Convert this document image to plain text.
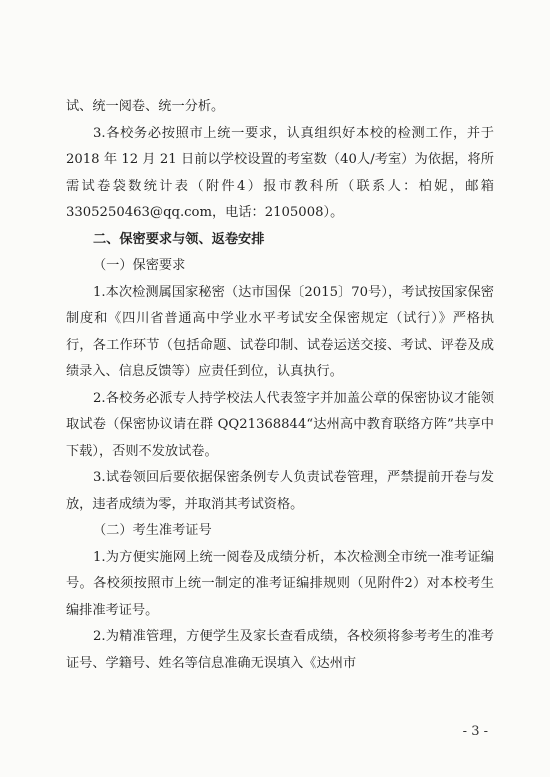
试、统一阅卷、统一分析。

3.各校务必按照市上统一要求，认真组织好本校的检测工作，并于 2018 年 12 月 21 日前以学校设置的考室数（40人/考室）为依据，将所需试卷袋数统计表（附件4）报市教科所（联系人：柏妮，邮箱 3305250463@qq.com，电话：2105008）。

二、保密要求与领、返卷安排

（一）保密要求

1.本次检测属国家秘密（达市国保〔2015〕70号），考试按国家保密制度和《四川省普通高中学业水平考试安全保密规定（试行）》严格执行，各工作环节（包括命题、试卷印制、试卷运送交接、考试、评卷及成绩录入、信息反馈等）应责任到位，认真执行。

2.各校务必派专人持学校法人代表签字并加盖公章的保密协议才能领取试卷（保密协议请在群 QQ21368844“达州高中教育联络方阵”共享中下载），否则不发放试卷。

3.试卷领回后要依据保密条例专人负责试卷管理，严禁提前开卷与发放，违者成绩为零，并取消其考试资格。

（二）考生准考证号

1.为方便实施网上统一阅卷及成绩分析，本次检测全市统一准考证编号。各校须按照市上统一制定的准考证编排规则（见附件2）对本校考生编排准考证号。

2.为精准管理，方便学生及家长查看成绩，各校须将参考考生的准考证号、学籍号、姓名等信息准确无误填入《达州市

- 3 -
